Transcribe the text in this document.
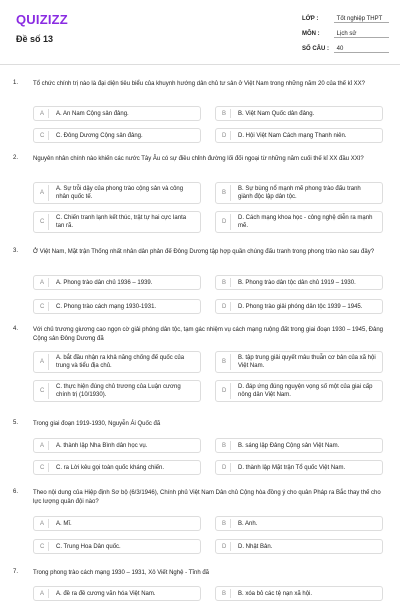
QUIZIZZ
Đề số 13
LỚP :	Tốt nghiệp THPT
MÔN :	Lịch sử
SỐ CÂU : 40
1. Tổ chức chính trị nào là đại diện tiêu biểu của khuynh hướng dân chủ tư sản ở Việt Nam trong những năm 20 của thế kỉ XX?
A A. An Nam Cộng sản đảng.	B B. Việt Nam Quốc dân đảng.
C C. Đông Dương Cộng sản đảng.	D D. Hội Việt Nam Cách mạng Thanh niên.
2. Nguyên nhân chính nào khiến các nước Tây Âu có sự điều chỉnh đường lối đối ngoại từ những năm cuối thế kỉ XX đầu XXI?
A
A. Sự trỗi dậy của phong trào cộng sản và công nhân quốc tế.
B
B. Sự bùng nổ mạnh mẽ phong trào đấu tranh giành độc lập dân tộc.
C
C. Chiến tranh lạnh kết thúc, trật tự hai cực Ianta tan rã.
D
D. Cách mạng khoa học - công nghệ diễn ra mạnh mẽ.
3. Ở Việt Nam, Mặt trận Thống nhất nhân dân phản đế Đông Dương tập hợp quần chúng đấu tranh trong phong trào nào sau đây?
A A. Phong trào dân chủ 1936 – 1939.	B B. Phong trào dân tộc dân chủ 1919 – 1930.
C C. Phong trào cách mạng 1930-1931.	D D. Phong trào giải phóng dân tộc 1939 – 1945.
4. Với chủ trương giương cao ngọn cờ giải phóng dân tộc, tạm gác nhiệm vụ cách mạng ruộng đất trong giai đoạn 1930 – 1945, Đảng Cộng sản Đông Dương đã
A
A. bắt đầu nhận ra khả năng chống đế quốc của trung và tiểu địa chủ.
B
B. tập trung giải quyết mâu thuẫn cơ bản của xã hội Việt Nam.
C
C. thực hiện đúng chủ trương của Luận cương chính trị (10/1930).
D
D. đáp ứng đúng nguyện vọng số một của giai cấp nông dân Việt Nam.
5. Trong giai đoạn 1919-1930, Nguyễn Ái Quốc đã
A A. thành lập Nha Bình dân học vụ.	B B. sáng lập Đảng Cộng sản Việt Nam.
C C. ra Lời kêu gọi toàn quốc kháng chiến.	D D. thành lập Mặt trận Tổ quốc Việt Nam.
6. Theo nội dung của Hiệp định Sơ bộ (6/3/1946), Chính phủ Việt Nam Dân chủ Cộng hòa đồng ý cho quân Pháp ra Bắc thay thế cho lực lượng quân đội nào?
A A. Mĩ.	B B. Anh.
C C. Trung Hoa Dân quốc.	D D. Nhật Bản.
7. Trong phong trào cách mạng 1930 – 1931, Xô Viết Nghệ - Tĩnh đã
A A. đề ra đề cương văn hóa Việt Nam.	B B. xóa bỏ các tệ nạn xã hội.
